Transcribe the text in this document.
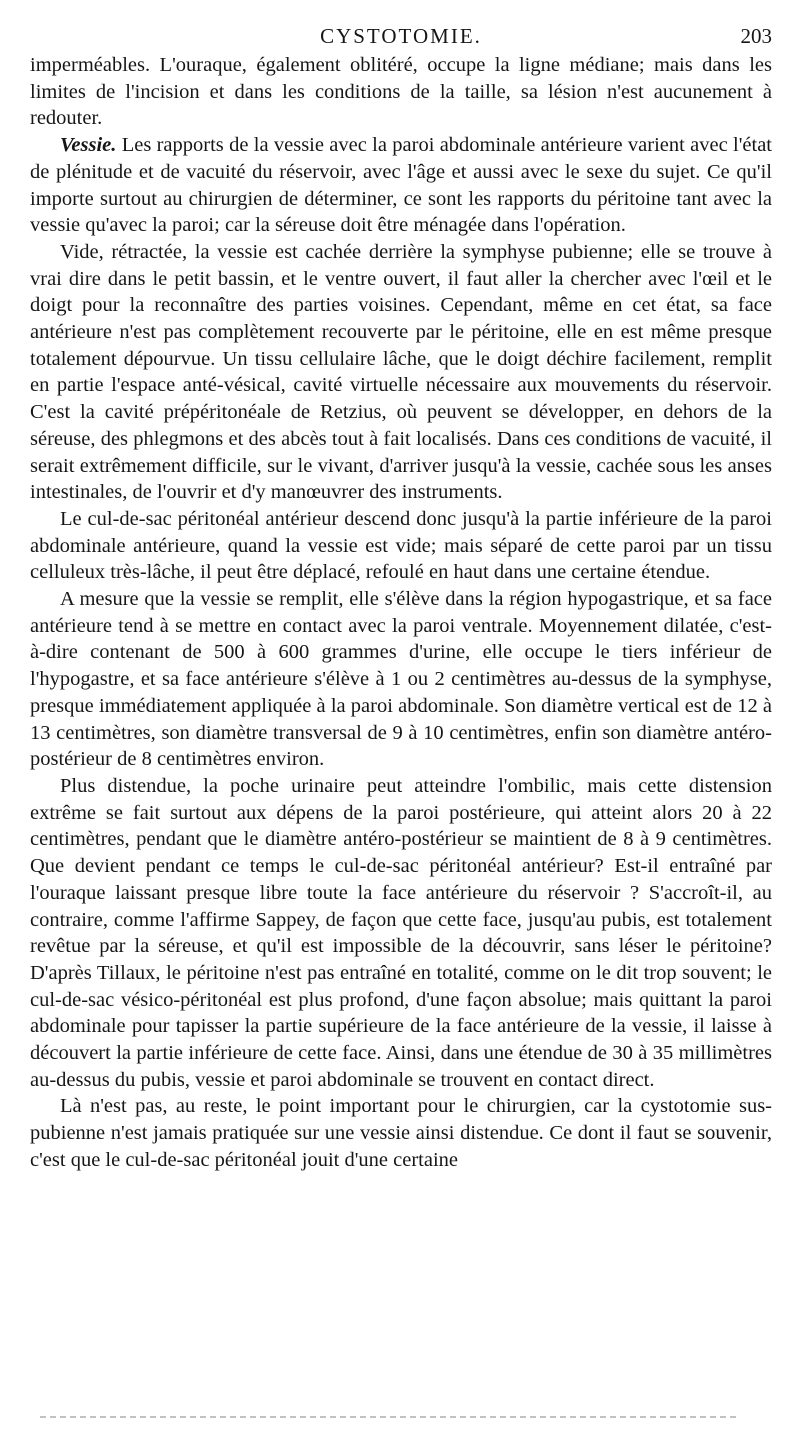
CYSTOTOMIE.	203

imperméables. L'ouraque, également oblitéré, occupe la ligne médiane; mais dans les limites de l'incision et dans les conditions de la taille, sa lésion n'est aucunement à redouter.

Vessie. Les rapports de la vessie avec la paroi abdominale antérieure varient avec l'état de plénitude et de vacuité du réservoir, avec l'âge et aussi avec le sexe du sujet. Ce qu'il importe surtout au chirurgien de déterminer, ce sont les rapports du péritoine tant avec la vessie qu'avec la paroi; car la séreuse doit être ménagée dans l'opération.

Vide, rétractée, la vessie est cachée derrière la symphyse pubienne; elle se trouve à vrai dire dans le petit bassin, et le ventre ouvert, il faut aller la chercher avec l'œil et le doigt pour la reconnaître des parties voisines. Cependant, même en cet état, sa face antérieure n'est pas complètement recouverte par le péritoine, elle en est même presque totalement dépourvue. Un tissu cellulaire lâche, que le doigt déchire facilement, remplit en partie l'espace anté-vésical, cavité virtuelle nécessaire aux mouvements du réservoir. C'est la cavité prépéritonéale de Retzius, où peuvent se développer, en dehors de la séreuse, des phlegmons et des abcès tout à fait localisés. Dans ces conditions de vacuité, il serait extrêmement difficile, sur le vivant, d'arriver jusqu'à la vessie, cachée sous les anses intestinales, de l'ouvrir et d'y manœuvrer des instruments.

Le cul-de-sac péritonéal antérieur descend donc jusqu'à la partie inférieure de la paroi abdominale antérieure, quand la vessie est vide; mais séparé de cette paroi par un tissu celluleux très-lâche, il peut être déplacé, refoulé en haut dans une certaine étendue.

A mesure que la vessie se remplit, elle s'élève dans la région hypogastrique, et sa face antérieure tend à se mettre en contact avec la paroi ventrale. Moyennement dilatée, c'est-à-dire contenant de 500 à 600 grammes d'urine, elle occupe le tiers inférieur de l'hypogastre, et sa face antérieure s'élève à 1 ou 2 centimètres au-dessus de la symphyse, presque immédiatement appliquée à la paroi abdominale. Son diamètre vertical est de 12 à 13 centimètres, son diamètre transversal de 9 à 10 centimètres, enfin son diamètre antéro-postérieur de 8 centimètres environ.

Plus distendue, la poche urinaire peut atteindre l'ombilic, mais cette distension extrême se fait surtout aux dépens de la paroi postérieure, qui atteint alors 20 à 22 centimètres, pendant que le diamètre antéro-postérieur se maintient de 8 à 9 centimètres. Que devient pendant ce temps le cul-de-sac péritonéal antérieur? Est-il entraîné par l'ouraque laissant presque libre toute la face antérieure du réservoir ? S'accroît-il, au contraire, comme l'affirme Sappey, de façon que cette face, jusqu'au pubis, est totalement revêtue par la séreuse, et qu'il est impossible de la découvrir, sans léser le péritoine? D'après Tillaux, le péritoine n'est pas entraîné en totalité, comme on le dit trop souvent; le cul-de-sac vésico-péritonéal est plus profond, d'une façon absolue; mais quittant la paroi abdominale pour tapisser la partie supérieure de la face antérieure de la vessie, il laisse à découvert la partie inférieure de cette face. Ainsi, dans une étendue de 30 à 35 millimètres au-dessus du pubis, vessie et paroi abdominale se trouvent en contact direct.

Là n'est pas, au reste, le point important pour le chirurgien, car la cystotomie sus-pubienne n'est jamais pratiquée sur une vessie ainsi distendue. Ce dont il faut se souvenir, c'est que le cul-de-sac péritonéal jouit d'une certaine
